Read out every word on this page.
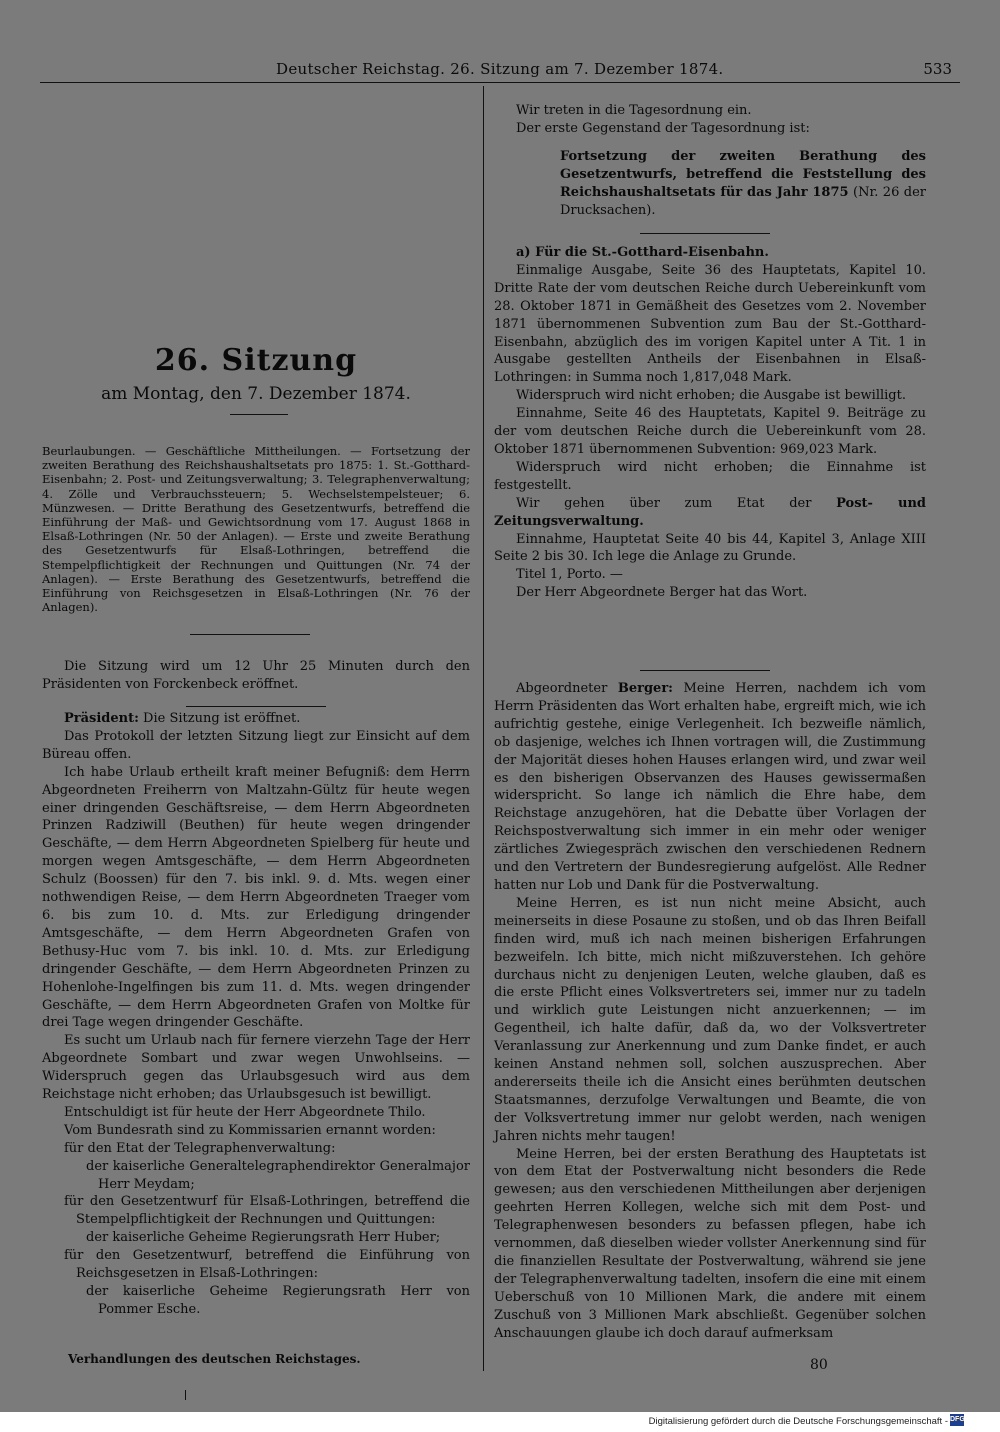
Deutscher Reichstag. 26. Sitzung am 7. Dezember 1874.	533
26. Sitzung
am Montag, den 7. Dezember 1874.

Beurlaubungen. — Geschäftliche Mittheilungen. — Fortsetzung der zweiten Berathung des Reichshaushaltsetats pro 1875: 1. St.-Gotthard-Eisenbahn; 2. Post- und Zeitungsverwaltung; 3. Telegraphenverwaltung; 4. Zölle und Verbrauchssteuern; 5. Wechselstempelsteuer; 6. Münzwesen. — Dritte Berathung des Gesetzentwurfs, betreffend die Einführung der Maß- und Gewichtsordnung vom 17. August 1868 in Elsaß-Lothringen (Nr. 50 der Anlagen). — Erste und zweite Berathung des Gesetzentwurfs für Elsaß-Lothringen, betreffend die Stempelpflichtigkeit der Rechnungen und Quittungen (Nr. 74 der Anlagen). — Erste Berathung des Gesetzentwurfs, betreffend die Einführung von Reichsgesetzen in Elsaß-Lothringen (Nr. 76 der Anlagen).

Die Sitzung wird um 12 Uhr 25 Minuten durch den Präsidenten von Forckenbeck eröffnet.

Präsident: Die Sitzung ist eröffnet.

Das Protokoll der letzten Sitzung liegt zur Einsicht auf dem Büreau offen.

Ich habe Urlaub ertheilt kraft meiner Befugniß: dem Herrn Abgeordneten Freiherrn von Maltzahn-Gültz für heute wegen einer dringenden Geschäftsreise, — dem Herrn Abgeordneten Prinzen Radziwill (Beuthen) für heute wegen dringender Geschäfte, — dem Herrn Abgeordneten Spielberg für heute und morgen wegen Amtsgeschäfte, — dem Herrn Abgeordneten Schulz (Boossen) für den 7. bis inkl. 9. d. Mts. wegen einer nothwendigen Reise, — dem Herrn Abgeordneten Traeger vom 6. bis zum 10. d. Mts. zur Erledigung dringender Amtsgeschäfte, — dem Herrn Abgeordneten Grafen von Bethusy-Huc vom 7. bis inkl. 10. d. Mts. zur Erledigung dringender Geschäfte, — dem Herrn Abgeordneten Prinzen zu Hohenlohe-Ingelfingen bis zum 11. d. Mts. wegen dringender Geschäfte, — dem Herrn Abgeordneten Grafen von Moltke für drei Tage wegen dringender Geschäfte.

Es sucht um Urlaub nach für fernere vierzehn Tage der Herr Abgeordnete Sombart und zwar wegen Unwohlseins. — Widerspruch gegen das Urlaubsgesuch wird aus dem Reichstage nicht erhoben; das Urlaubsgesuch ist bewilligt.

Entschuldigt ist für heute der Herr Abgeordnete Thilo.

Vom Bundesrath sind zu Kommissarien ernannt worden:

für den Etat der Telegraphenverwaltung:

der kaiserliche Generaltelegraphendirektor Generalmajor Herr Meydam;

für den Gesetzentwurf für Elsaß-Lothringen, betreffend die Stempelpflichtigkeit der Rechnungen und Quittungen:

der kaiserliche Geheime Regierungsrath Herr Huber;

für den Gesetzentwurf, betreffend die Einführung von Reichsgesetzen in Elsaß-Lothringen:

der kaiserliche Geheime Regierungsrath Herr von Pommer Esche.

Wir treten in die Tagesordnung ein.

Der erste Gegenstand der Tagesordnung ist:

Fortsetzung der zweiten Berathung des Gesetzentwurfs, betreffend die Feststellung des Reichshaushaltsetats für das Jahr 1875 (Nr. 26 der Drucksachen).

a) Für die St.-Gotthard-Eisenbahn.

Einmalige Ausgabe, Seite 36 des Hauptetats, Kapitel 10. Dritte Rate der vom deutschen Reiche durch Uebereinkunft vom 28. Oktober 1871 in Gemäßheit des Gesetzes vom 2. November 1871 übernommenen Subvention zum Bau der St.-Gotthard-Eisenbahn, abzüglich des im vorigen Kapitel unter A Tit. 1 in Ausgabe gestellten Antheils der Eisenbahnen in Elsaß-Lothringen: in Summa noch 1,817,048 Mark.

Widerspruch wird nicht erhoben; die Ausgabe ist bewilligt.

Einnahme, Seite 46 des Hauptetats, Kapitel 9. Beiträge zu der vom deutschen Reiche durch die Uebereinkunft vom 28. Oktober 1871 übernommenen Subvention: 969,023 Mark.

Widerspruch wird nicht erhoben; die Einnahme ist festgestellt.

Wir gehen über zum Etat der Post- und Zeitungsverwaltung.

Einnahme, Hauptetat Seite 40 bis 44, Kapitel 3, Anlage XIII Seite 2 bis 30. Ich lege die Anlage zu Grunde.

Titel 1, Porto. —

Der Herr Abgeordnete Berger hat das Wort.

Abgeordneter Berger: Meine Herren, nachdem ich vom Herrn Präsidenten das Wort erhalten habe, ergreift mich, wie ich aufrichtig gestehe, einige Verlegenheit. Ich bezweifle nämlich, ob dasjenige, welches ich Ihnen vortragen will, die Zustimmung der Majorität dieses hohen Hauses erlangen wird, und zwar weil es den bisherigen Observanzen des Hauses gewissermaßen widerspricht. So lange ich nämlich die Ehre habe, dem Reichstage anzugehören, hat die Debatte über Vorlagen der Reichspostverwaltung sich immer in ein mehr oder weniger zärtliches Zwiegespräch zwischen den verschiedenen Rednern und den Vertretern der Bundesregierung aufgelöst. Alle Redner hatten nur Lob und Dank für die Postverwaltung.

Meine Herren, es ist nun nicht meine Absicht, auch meinerseits in diese Posaune zu stoßen, und ob das Ihren Beifall finden wird, muß ich nach meinen bisherigen Erfahrungen bezweifeln. Ich bitte, mich nicht mißzuverstehen. Ich gehöre durchaus nicht zu denjenigen Leuten, welche glauben, daß es die erste Pflicht eines Volksvertreters sei, immer nur zu tadeln und wirklich gute Leistungen nicht anzuerkennen; — im Gegentheil, ich halte dafür, daß da, wo der Volksvertreter Veranlassung zur Anerkennung und zum Danke findet, er auch keinen Anstand nehmen soll, solchen auszusprechen. Aber andererseits theile ich die Ansicht eines berühmten deutschen Staatsmannes, derzufolge Verwaltungen und Beamte, die von der Volksvertretung immer nur gelobt werden, nach wenigen Jahren nichts mehr taugen!

Meine Herren, bei der ersten Berathung des Hauptetats ist von dem Etat der Postverwaltung nicht besonders die Rede gewesen; aus den verschiedenen Mittheilungen aber derjenigen geehrten Herren Kollegen, welche sich mit dem Post- und Telegraphenwesen besonders zu befassen pflegen, habe ich vernommen, daß dieselben wieder vollster Anerkennung sind für die finanziellen Resultate der Postverwaltung, während sie jene der Telegraphenverwaltung tadelten, insofern die eine mit einem Ueberschuß von 10 Millionen Mark, die andere mit einem Zuschuß von 3 Millionen Mark abschließt. Gegenüber solchen Anschauungen glaube ich doch darauf aufmerksam

Verhandlungen des deutschen Reichstages.	80
Digitalisierung gefördert durch die Deutsche Forschungsgemeinschaft - DFG
